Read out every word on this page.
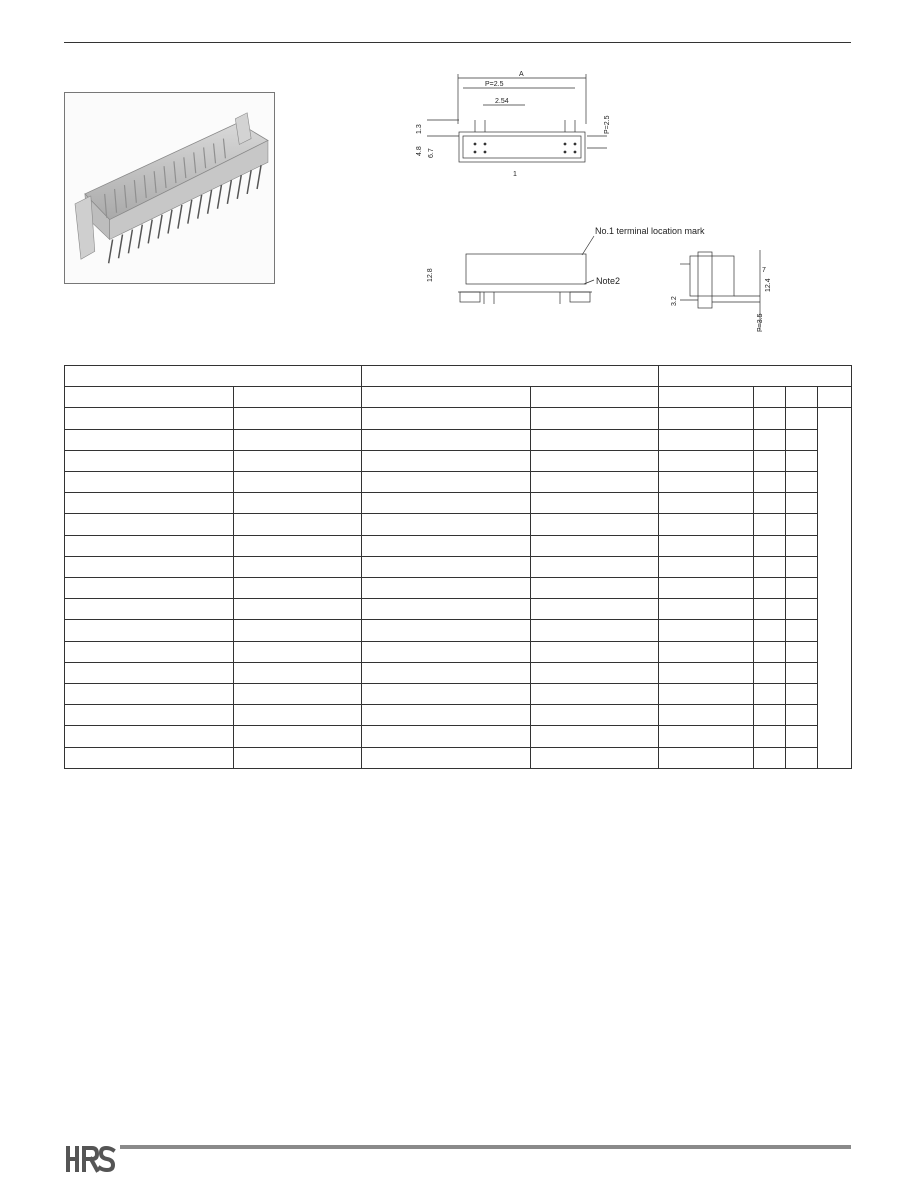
A
P=2.5
2.54
1.3
4.8 6.7
P=2.5
1
12.8
No.1 terminal location mark
Note2
7
12.4
3.2
P=3.5
